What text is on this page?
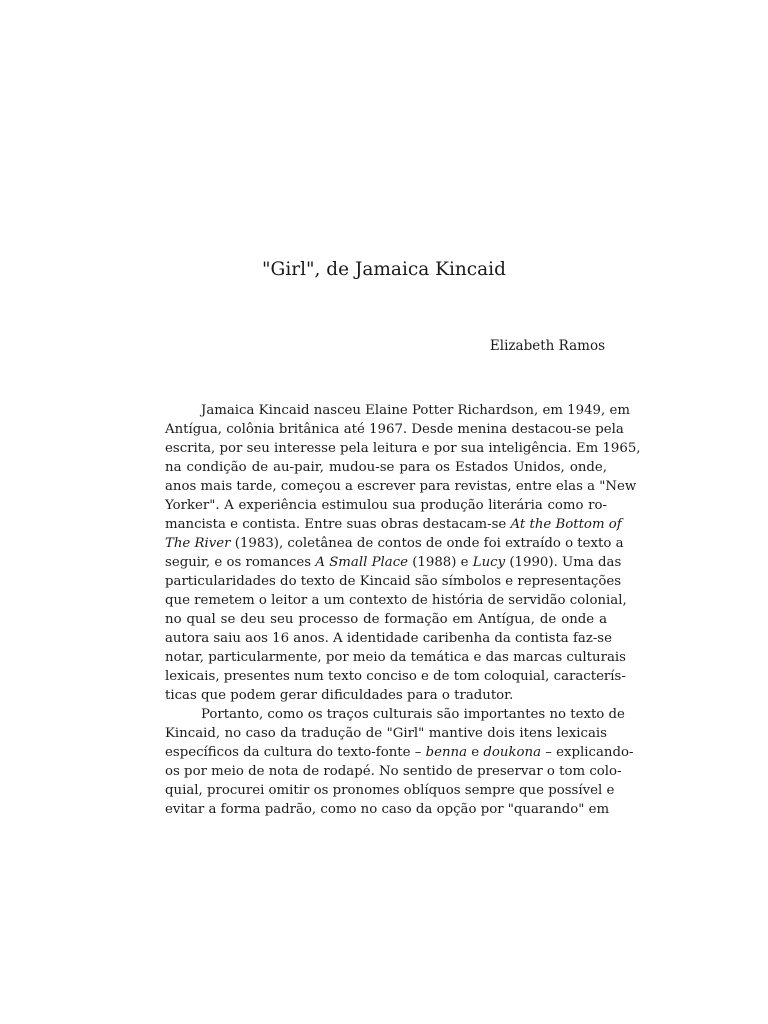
"Girl", de Jamaica Kincaid
Elizabeth Ramos
Jamaica Kincaid nasceu Elaine Potter Richardson, em 1949, em
Antígua, colônia britânica até 1967. Desde menina destacou-se pela
escrita, por seu interesse pela leitura e por sua inteligência. Em 1965,
na condição de au-pair, mudou-se para os Estados Unidos, onde,
anos mais tarde, começou a escrever para revistas, entre elas a "New
Yorker". A experiência estimulou sua produção literária como ro-
mancista e contista. Entre suas obras destacam-se At the Bottom of
The River (1983), coletânea de contos de onde foi extraído o texto a
seguir, e os romances A Small Place (1988) e Lucy (1990). Uma das
particularidades do texto de Kincaid são símbolos e representações
que remetem o leitor a um contexto de história de servidão colonial,
no qual se deu seu processo de formação em Antígua, de onde a
autora saiu aos 16 anos. A identidade caribenha da contista faz-se
notar, particularmente, por meio da temática e das marcas culturais
lexicais, presentes num texto conciso e de tom coloquial, caracterís-
ticas que podem gerar dificuldades para o tradutor.
Portanto, como os traços culturais são importantes no texto de
Kincaid, no caso da tradução de "Girl" mantive dois itens lexicais
específicos da cultura do texto-fonte – benna e doukona – explicando-
os por meio de nota de rodapé. No sentido de preservar o tom colo-
quial, procurei omitir os pronomes oblíquos sempre que possível e
evitar a forma padrão, como no caso da opção por "quarando" em
